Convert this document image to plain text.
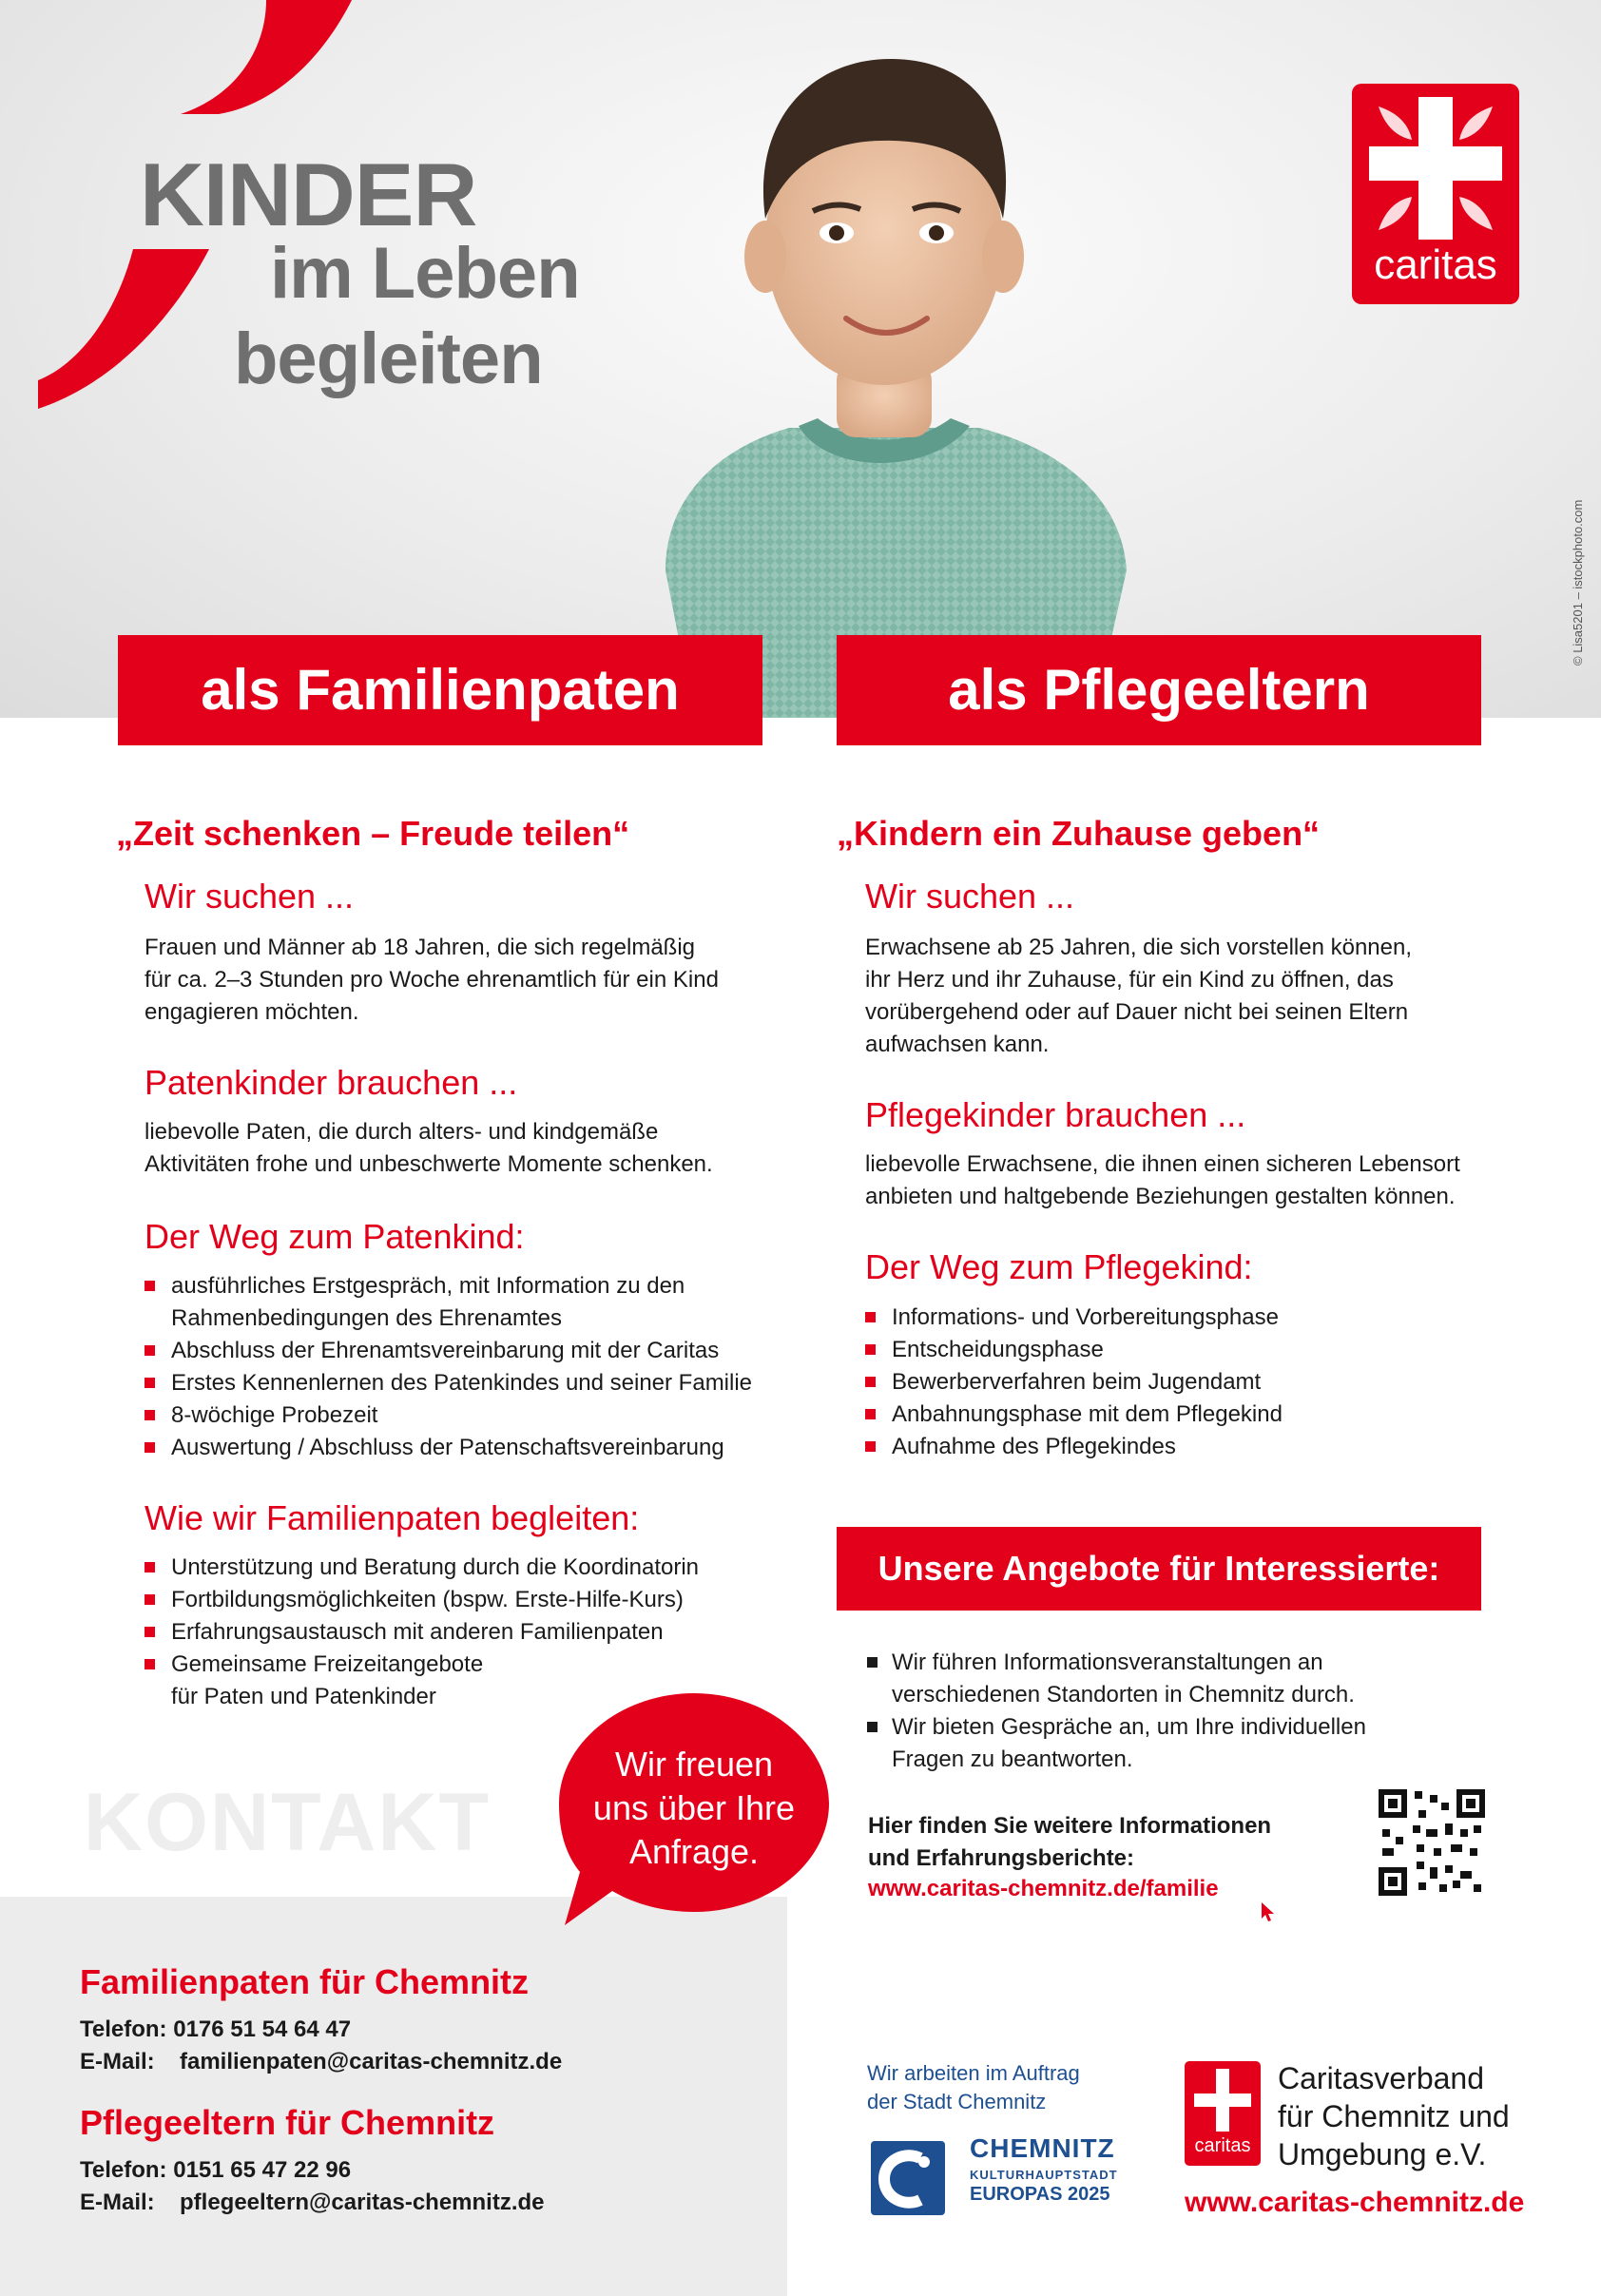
KINDER
im Leben
begleiten
caritas
© Lisa5201 – istockphoto.com
als Familienpaten	als Pflegeeltern
„Zeit schenken – Freude teilen“
Wir suchen ...
Frauen und Männer ab 18 Jahren, die sich regelmäßig
für ca. 2–3 Stunden pro Woche ehrenamtlich für ein Kind
engagieren möchten.
Patenkinder brauchen ...
liebevolle Paten, die durch alters- und kindgemäße
Aktivitäten frohe und unbeschwerte Momente schenken.
Der Weg zum Patenkind:
ausführliches Erstgespräch, mit Information zu den
Rahmenbedingungen des Ehrenamtes
Abschluss der Ehrenamtsvereinbarung mit der Caritas
Erstes Kennenlernen des Patenkindes und seiner Familie
8-wöchige Probezeit
Auswertung / Abschluss der Patenschaftsvereinbarung
Wie wir Familienpaten begleiten:
Unterstützung und Beratung durch die Koordinatorin
Fortbildungsmöglichkeiten (bspw. Erste-Hilfe-Kurs)
Erfahrungsaustausch mit anderen Familienpaten
Gemeinsame Freizeitangebote
für Paten und Patenkinder
„Kindern ein Zuhause geben“
Wir suchen ...
Erwachsene ab 25 Jahren, die sich vorstellen können,
ihr Herz und ihr Zuhause, für ein Kind zu öffnen, das
vorübergehend oder auf Dauer nicht bei seinen Eltern
aufwachsen kann.
Pflegekinder brauchen ...
liebevolle Erwachsene, die ihnen einen sicheren Lebensort
anbieten und haltgebende Beziehungen gestalten können.
Der Weg zum Pflegekind:
Informations- und Vorbereitungsphase
Entscheidungsphase
Bewerberverfahren beim Jugendamt
Anbahnungsphase mit dem Pflegekind
Aufnahme des Pflegekindes
Unsere Angebote für Interessierte:
Wir führen Informationsveranstaltungen an
verschiedenen Standorten in Chemnitz durch.
Wir bieten Gespräche an, um Ihre individuellen
Fragen zu beantworten.
Hier finden Sie weitere Informationen
und Erfahrungsberichte:
www.caritas-chemnitz.de/familie
KONTAKT
Wir freuen
uns über Ihre
Anfrage.
Familienpaten für Chemnitz
Telefon: 0176 51 54 64 47
E-Mail: familienpaten@caritas-chemnitz.de
Pflegeeltern für Chemnitz
Telefon: 0151 65 47 22 96
E-Mail: pflegeeltern@caritas-chemnitz.de
Wir arbeiten im Auftrag
der Stadt Chemnitz
CHEMNITZ
KULTURHAUPTSTADT
EUROPAS 2025
caritas
Caritasverband
für Chemnitz und
Umgebung e.V.
www.caritas-chemnitz.de
